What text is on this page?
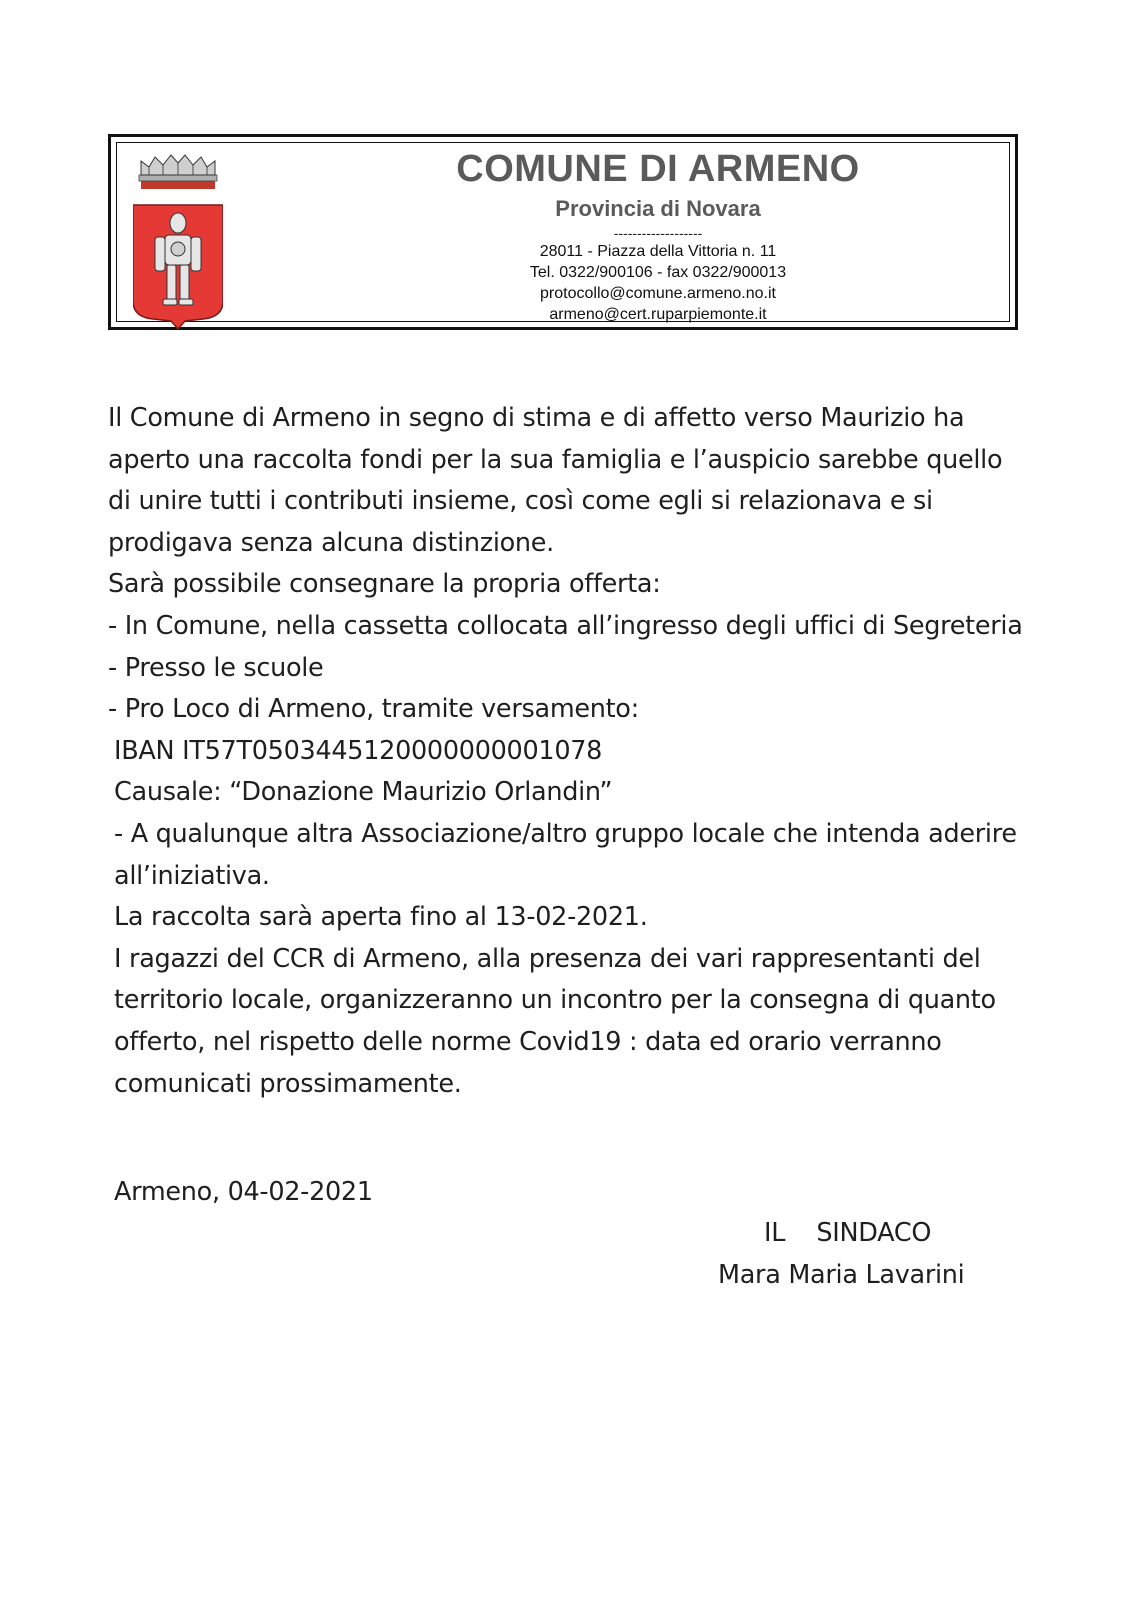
COMUNE DI ARMENO
Provincia di Novara
-------------------
28011 - Piazza della Vittoria n. 11
Tel. 0322/900106 - fax 0322/900013
protocollo@comune.armeno.no.it
armeno@cert.ruparpiemonte.it
Il Comune di Armeno in segno di stima e di affetto verso Maurizio ha aperto una raccolta fondi per la sua famiglia e l’auspicio sarebbe quello di unire tutti i contributi insieme, così come egli si relazionava e si prodigava senza alcuna distinzione.
Sarà possibile consegnare la propria offerta:
- In Comune, nella cassetta collocata all’ingresso degli uffici di Segreteria
- Presso le scuole
- Pro Loco di Armeno, tramite versamento:
IBAN IT57T0503445120000000001078
Causale: “Donazione Maurizio Orlandin”
- A qualunque altra Associazione/altro gruppo locale che intenda aderire all’iniziativa.
La raccolta sarà aperta fino al 13-02-2021.
I ragazzi del CCR di Armeno, alla presenza dei vari rappresentanti del territorio locale, organizzeranno un incontro per la consegna di quanto offerto, nel rispetto delle norme Covid19 : data ed orario verranno comunicati prossimamente.
Armeno, 04-02-2021
IL    SINDACO
Mara Maria Lavarini
